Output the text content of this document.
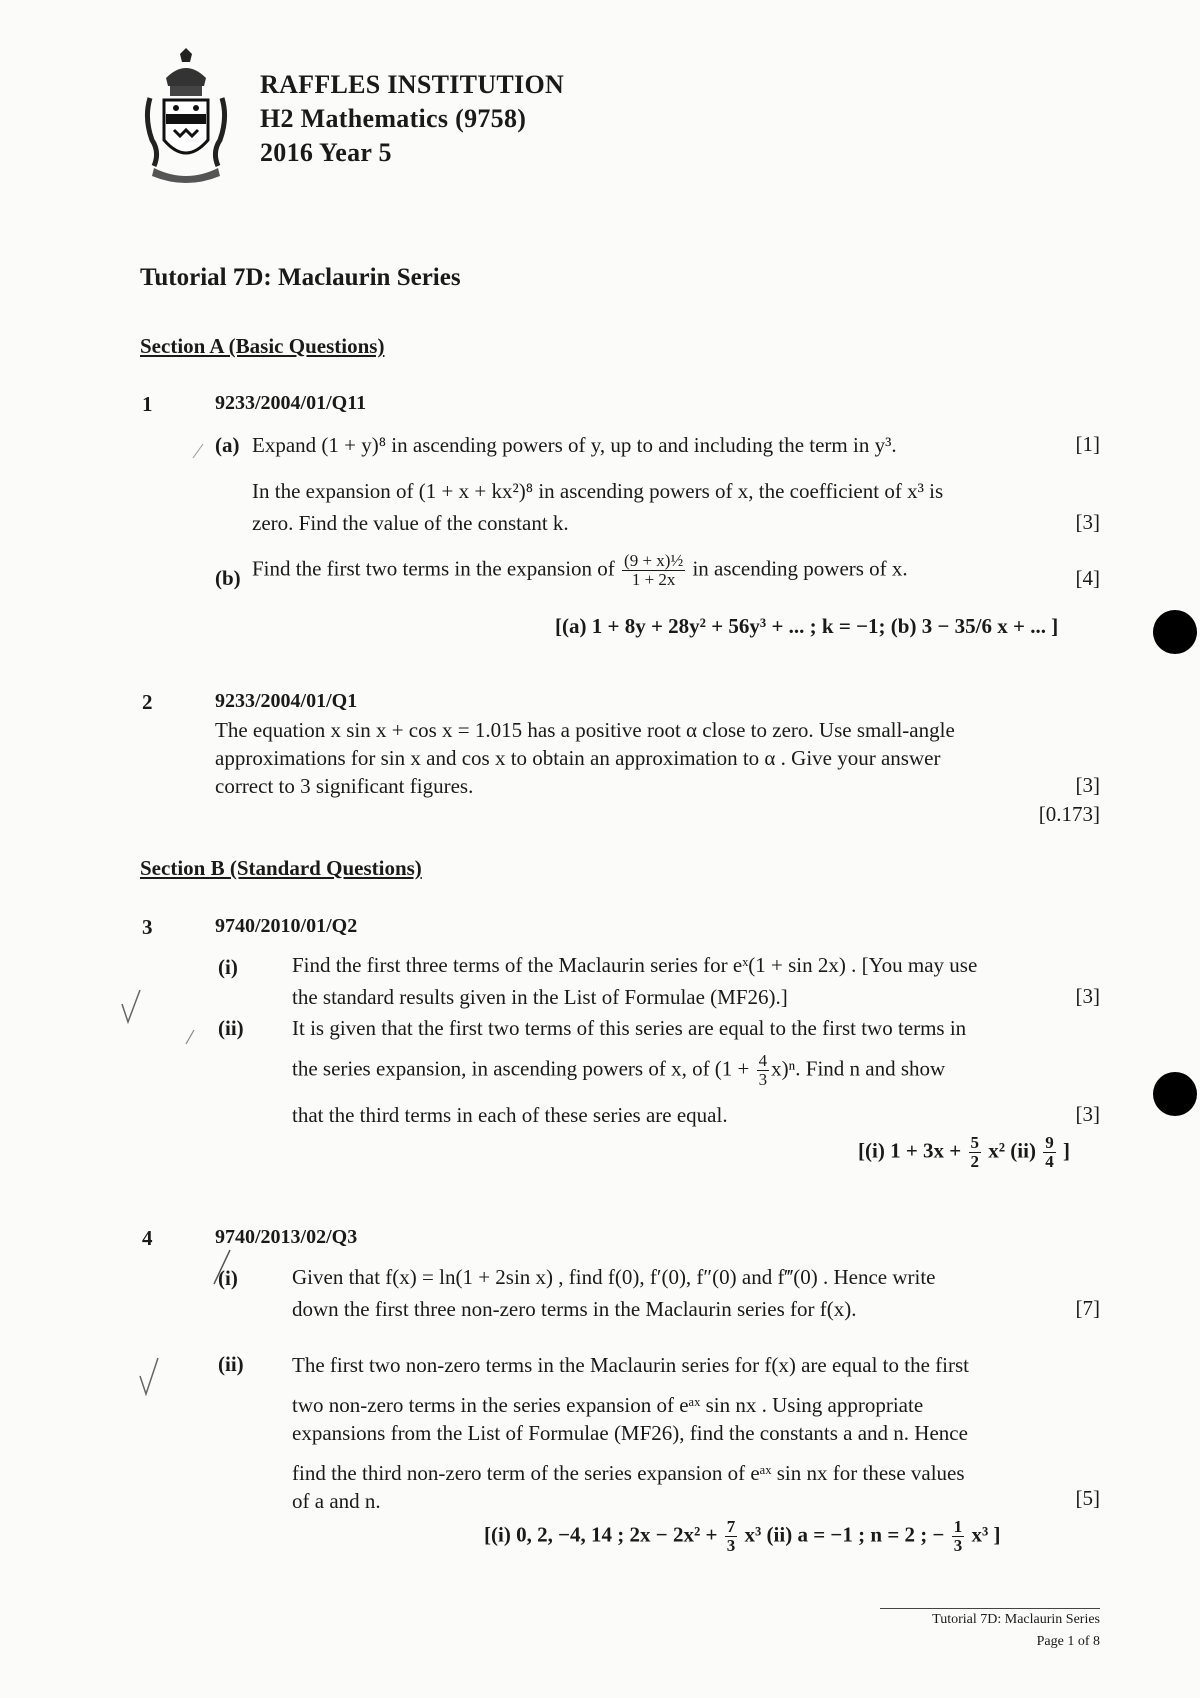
RAFFLES INSTITUTION
H2 Mathematics (9758)
2016 Year 5
Tutorial 7D: Maclaurin Series
Section A (Basic Questions)
1	9233/2004/01/Q11
(a) Expand (1 + y)⁸ in ascending powers of y, up to and including the term in y³.	[1]
In the expansion of (1 + x + kx²)⁸ in ascending powers of x, the coefficient of x³ is
zero. Find the value of the constant k.	[3]
(b) Find the first two terms in the expansion of $\frac{\text{(9 + x)½}}{1 + 2x}$ in ascending powers of x.	[4]
[(a) 1 + 8y + 28y² + 56y³ + ... ; k = −1; (b) 3 − 35/6 x + ... ]
2	9233/2004/01/Q1
The equation x sin x + cos x = 1.015 has a positive root α close to zero. Use small-angle
approximations for sin x and cos x to obtain an approximation to α . Give your answer
correct to 3 significant figures.	[3]
[0.173]
Section B (Standard Questions)
3	9740/2010/01/Q2
(i)	Find the first three terms of the Maclaurin series for eˣ(1 + sin 2x) . [You may use
the standard results given in the List of Formulae (MF26).]	[3]
(ii) It is given that the first two terms of this series are equal to the first two terms in
the series expansion, in ascending powers of x, of $(1 + \frac{4}{3} x)^n$. Find n and show
that the third terms in each of these series are equal.	[3]
[(i) $1 + 3x + \frac{5}{2} x^2$ $(ii) \frac{9}{4}$ ]
4	9740/2013/02/Q3
(i)	Given that f(x) = ln(1 + 2sin x) , find f(0), f′(0), f″(0) and f‴(0) . Hence write
down the first three non-zero terms in the Maclaurin series for f(x).	[7]
(ii) The first two non-zero terms in the Maclaurin series for f(x) are equal to the first
two non-zero terms in the series expansion of eᵃˣ sin nx . Using appropriate
expansions from the List of Formulae (MF26), find the constants a and n. Hence
find the third non-zero term of the series expansion of eᵃˣ sin nx for these values
of a and n.	[5]
[(i) 0, 2, −4, 14 ; $2x - 2x^2 + \frac{7}{3} x^3$ (ii) a = −1 ; n = 2 ; − $\frac{1}{3} x^3$ ]
Tutorial 7D: Maclaurin Series
Page 1 of 8
